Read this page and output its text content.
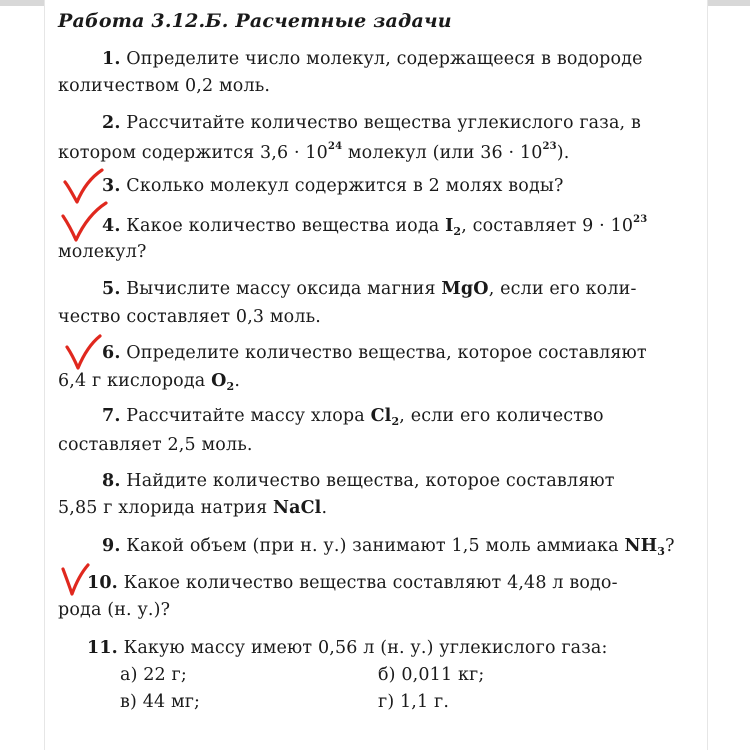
Работа 3.12.Б. Расчетные задачи
1. Определите число молекул, содержащееся в водороде
количеством 0,2 моль.
2. Рассчитайте количество вещества углекислого газа, в
котором содержится $3,6 \cdot 10^{24}$ молекул (или $36 \cdot 10^{23}$).
3. Сколько молекул содержится в 2 молях воды?
4. Какое количество вещества иода $I_2$, составляет $9 \cdot 10^{23}$
молекул?
5. Вычислите массу оксида магния MgO, если его коли-
чество составляет 0,3 моль.
6. Определите количество вещества, которое составляют
6,4 г кислорода $O_2$.
7. Рассчитайте массу хлора $Cl_2$, если его количество
составляет 2,5 моль.
8. Найдите количество вещества, которое составляют
5,85 г хлорида натрия NaCl.
9. Какой объем (при н. у.) занимают 1,5 моль аммиака $NH_3$?
10. Какое количество вещества составляют 4,48 л водо-
рода (н. у.)?
11. Какую массу имеют 0,56 л (н. у.) углекислого газа:
а) 22 г;	б) 0,011 кг;
в) 44 мг;	г) 1,1 г.
